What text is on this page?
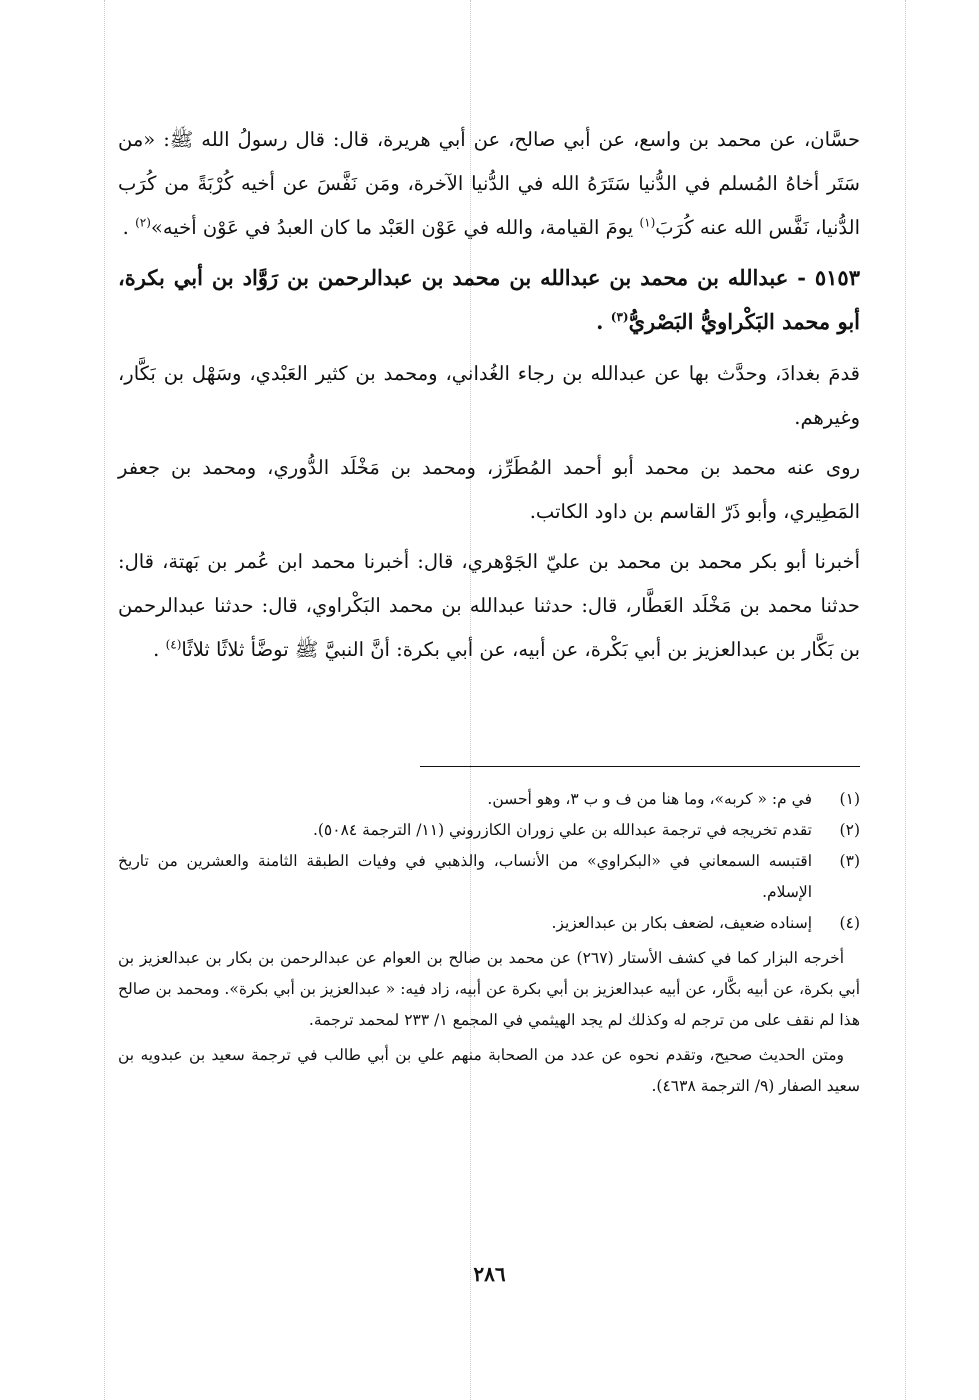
حسَّان، عن محمد بن واسع، عن أبي صالح، عن أبي هريرة، قال: قال رسولُ الله ﷺ: «من سَتَر أخاهُ المُسلم في الدُّنيا سَتَرَهُ الله في الدُّنيا الآخرة، ومَن نَفَّسَ عن أخيه كُرْبَةً من كُرَب الدُّنيا، نَفَّس الله عنه كُرَبَ$^{(١)}$ يومَ القيامة، والله في عَوْن العَبْد ما كان العبدُ في عَوْن أخيه»$^{(٢)}$ .

٥١٥٣ - عبدالله بن محمد بن عبدالله بن محمد بن عبدالرحمن بن رَوَّاد بن أبي بكرة، أبو محمد البَكْراويُّ البَصْريُّ$^{(٣)}$ .

قدمَ بغدادَ، وحدَّث بها عن عبدالله بن رجاء الغُداني، ومحمد بن كثير العَبْدي، وسَهْل بن بَكَّار، وغيرهم.

روى عنه محمد بن محمد أبو أحمد المُطَرِّز، ومحمد بن مَخْلَد الدُّوري، ومحمد بن جعفر المَطِيري، وأبو ذَرّ القاسم بن داود الكاتب.

أخبرنا أبو بكر محمد بن محمد بن عليّ الجَوْهري، قال: أخبرنا محمد ابن عُمر بن بَهتة، قال: حدثنا محمد بن مَخْلَد العَطَّار، قال: حدثنا عبدالله بن محمد البَكْراوي، قال: حدثنا عبدالرحمن بن بَكَّار بن عبدالعزيز بن أبي بَكْرة، عن أبيه، عن أبي بكرة: أنَّ النبيَّ ﷺ توضَّأ ثلاثًا ثلاثًا$^{(٤)}$ .

(١)
في م: « كربه»، وما هنا من ف و ب ٣، وهو أحسن.
(٢)
تقدم تخريجه في ترجمة عبدالله بن علي زوران الكازروني (١١/ الترجمة ٥٠٨٤).
(٣)
اقتبسه السمعاني في «البكراوي» من الأنساب، والذهبي في وفيات الطبقة الثامنة والعشرين من تاريخ الإسلام.
(٤)
إسناده ضعيف، لضعف بكار بن عبدالعزيز.

أخرجه البزار كما في كشف الأستار (٢٦٧) عن محمد بن صالح بن العوام عن عبدالرحمن بن بكار بن عبدالعزيز بن أبي بكرة، عن أبيه بكَّار، عن أبيه عبدالعزيز بن أبي بكرة عن أبيه، زاد فيه: « عبدالعزيز بن أبي بكرة». ومحمد بن صالح هذا لم نقف على من ترجم له وكذلك لم يجد الهيثمي في المجمع ١/ ٢٣٣ لمحمد ترجمة.

ومتن الحديث صحيح، وتقدم نحوه عن عدد من الصحابة منهم علي بن أبي طالب في ترجمة سعيد بن عبدويه بن سعيد الصفار (٩/ الترجمة ٤٦٣٨).

٢٨٦
